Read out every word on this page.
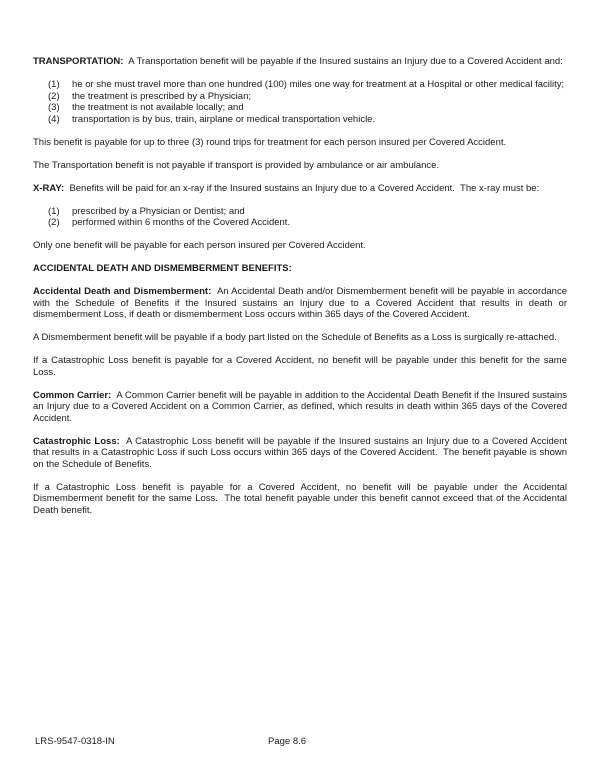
TRANSPORTATION:  A Transportation benefit will be payable if the Insured sustains an Injury due to a Covered Accident and:

(1)	he or she must travel more than one hundred (100) miles one way for treatment at a Hospital or other medical facility;
(2)	the treatment is prescribed by a Physician;
(3)	the treatment is not available locally; and
(4)	transportation is by bus, train, airplane or medical transportation vehicle.

This benefit is payable for up to three (3) round trips for treatment for each person insured per Covered Accident.

The Transportation benefit is not payable if transport is provided by ambulance or air ambulance.

X-RAY:  Benefits will be paid for an x-ray if the Insured sustains an Injury due to a Covered Accident.  The x-ray must be:

(1)	prescribed by a Physician or Dentist; and
(2)	performed within 6 months of the Covered Accident.

Only one benefit will be payable for each person insured per Covered Accident.

ACCIDENTAL DEATH AND DISMEMBERMENT BENEFITS:

Accidental Death and Dismemberment:  An Accidental Death and/or Dismemberment benefit will be payable in accordance with the Schedule of Benefits if the Insured sustains an Injury due to a Covered Accident that results in death or dismemberment Loss, if death or dismemberment Loss occurs within 365 days of the Covered Accident.

A Dismemberment benefit will be payable if a body part listed on the Schedule of Benefits as a Loss is surgically re-attached.

If a Catastrophic Loss benefit is payable for a Covered Accident, no benefit will be payable under this benefit for the same Loss.

Common Carrier:  A Common Carrier benefit will be payable in addition to the Accidental Death Benefit if the Insured sustains an Injury due to a Covered Accident on a Common Carrier, as defined, which results in death within 365 days of the Covered Accident.

Catastrophic Loss:  A Catastrophic Loss benefit will be payable if the Insured sustains an Injury due to a Covered Accident that results in a Catastrophic Loss if such Loss occurs within 365 days of the Covered Accident.  The benefit payable is shown on the Schedule of Benefits.

If a Catastrophic Loss benefit is payable for a Covered Accident, no benefit will be payable under the Accidental Dismemberment benefit for the same Loss.  The total benefit payable under this benefit cannot exceed that of the Accidental Death benefit.

LRS-9547-0318-IN	Page 8.6
